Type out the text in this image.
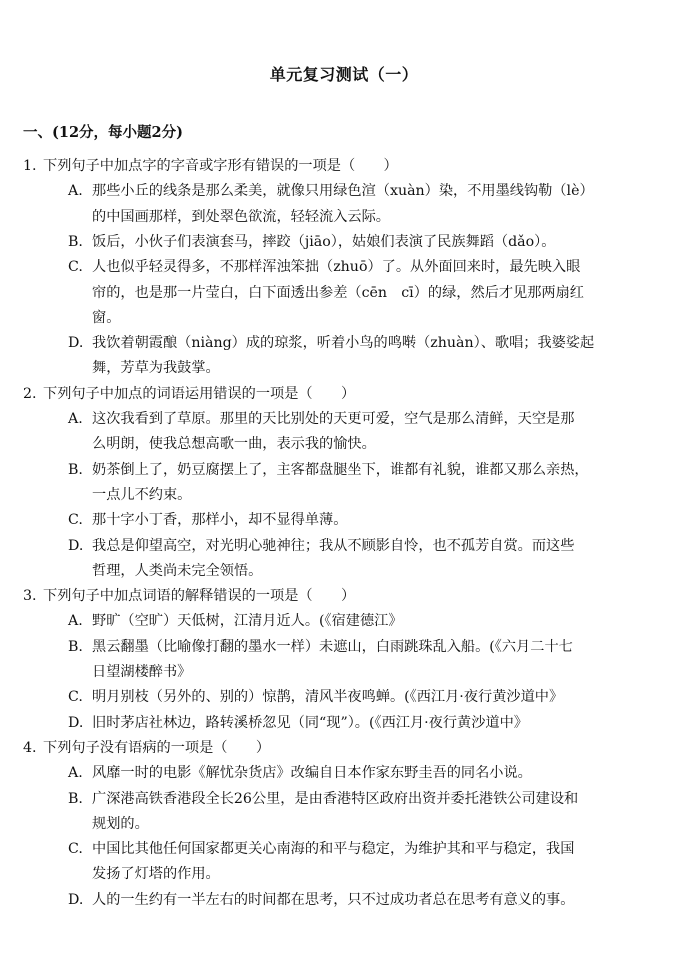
单元复习测试（一）
一、(12分，每小题2分)
1. 下列句子中加点字的字音或字形有错误的一项是（　　）
A. 那些小丘的线条是那么柔美，就像只用绿色渲（xuàn）染，不用墨线钩勒（lè）
的中国画那样，到处翠色欲流，轻轻流入云际。
B. 饭后，小伙子们表演套马，摔跤（jiāo），姑娘们表演了民族舞蹈（dǎo）。
C. 人也似乎轻灵得多，不那样浑浊笨拙（zhuō）了。从外面回来时，最先映入眼
帘的，也是那一片莹白，白下面透出参差（cēn　cī）的绿，然后才见那两扇红
窗。
D. 我饮着朝霞酿（niàng）成的琼浆，听着小鸟的鸣啭（zhuàn）、歌唱；我婆娑起
舞，芳草为我鼓掌。
2. 下列句子中加点的词语运用错误的一项是（　　）
A. 这次我看到了草原。那里的天比别处的天更可爱，空气是那么清鲜，天空是那
么明朗，使我总想高歌一曲，表示我的愉快。
B. 奶茶倒上了，奶豆腐摆上了，主客都盘腿坐下，谁都有礼貌，谁都又那么亲热，
一点儿不约束。
C. 那十字小丁香，那样小，却不显得单薄。
D. 我总是仰望高空，对光明心驰神往；我从不顾影自怜，也不孤芳自赏。而这些
哲理，人类尚未完全领悟。
3. 下列句子中加点词语的解释错误的一项是（　　）
A. 野旷（空旷）天低树，江清月近人。(《宿建德江》
B. 黑云翻墨（比喻像打翻的墨水一样）未遮山，白雨跳珠乱入船。(《六月二十七
日望湖楼醉书》
C. 明月别枝（另外的、别的）惊鹊，清风半夜鸣蝉。(《西江月·夜行黄沙道中》
D. 旧时茅店社林边，路转溪桥忽见（同“现”）。(《西江月·夜行黄沙道中》
4. 下列句子没有语病的一项是（　　）
A. 风靡一时的电影《解忧杂货店》改编自日本作家东野圭吾的同名小说。
B. 广深港高铁香港段全长26公里，是由香港特区政府出资并委托港铁公司建设和
规划的。
C. 中国比其他任何国家都更关心南海的和平与稳定，为维护其和平与稳定，我国
发扬了灯塔的作用。
D. 人的一生约有一半左右的时间都在思考，只不过成功者总在思考有意义的事。
